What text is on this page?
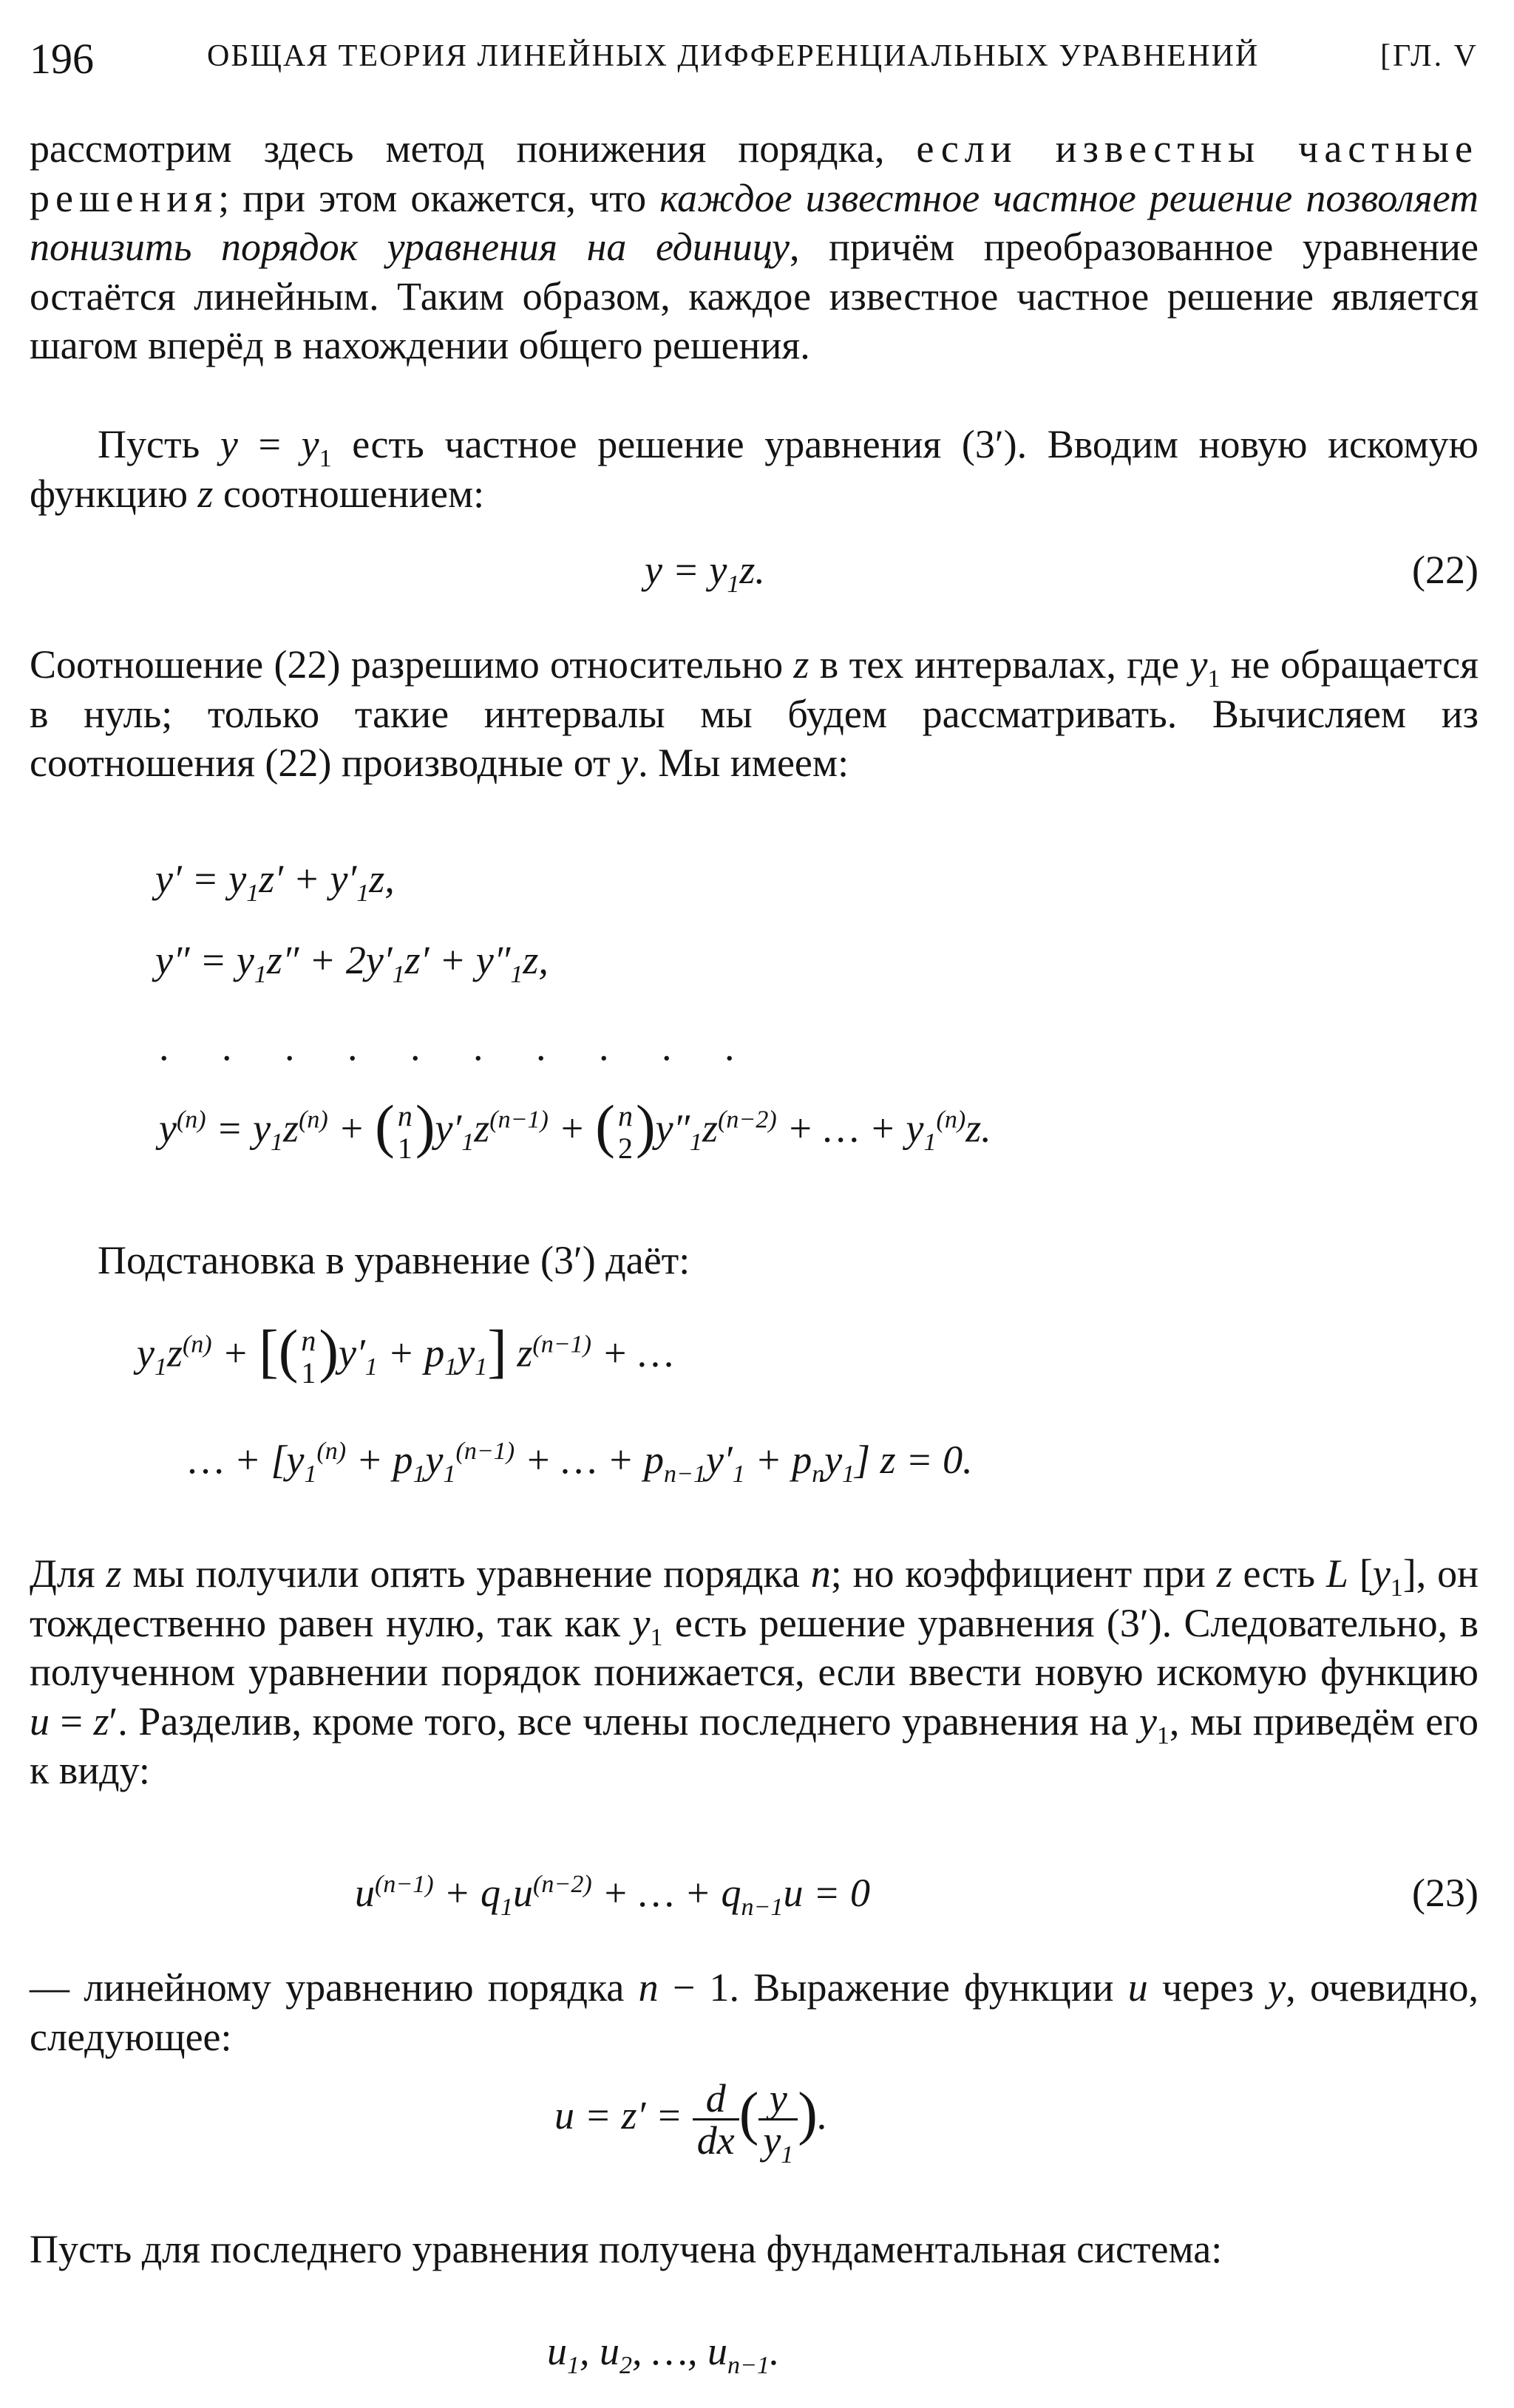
196	ОБЩАЯ ТЕОРИЯ ЛИНЕЙНЫХ ДИФФЕРЕНЦИАЛЬНЫХ УРАВНЕНИЙ	[ГЛ. V

рассмотрим здесь метод понижения порядка, если известны частные решения; при этом окажется, что каждое известное частное решение позволяет понизить порядок уравнения на единицу, причём преобразованное уравнение остаётся линейным. Таким образом, каждое известное частное решение является шагом вперёд в нахождении общего решения.

Пусть $y = y_1$ есть частное решение уравнения (3′). Вводим новую искомую функцию z соотношением:

$y = y_1z$.	(22)

Соотношение (22) разрешимо относительно z в тех интервалах, где $y_1$ не обращается в нуль; только такие интервалы мы будем рассматривать. Вычисляем из соотношения (22) производные от y. Мы имеем:

$y' = y_1z' + y'_1z$,
$y'' = y_1z'' + 2y'_1z' + y''_1z$,
. . . . . . . . . .
$y^{(n)} = y_1z^{(n)}$ + ( n
$1)y'_1z^{(n-1)}$ + ( n
$2)y''_1z^{(n-2)}$ + … + $y_1^{(n)}z$.

Подстановка в уравнение (3′) даёт:

$y_1z^{(n)}$ + [( n
$1)y'_1 + p_1y_1$] $z^{(n-1)}$ + …
… + [$y_1^{(n)} + p_1y_1^{(n-1)}$ + … + $p_{n-1}y'_1 + p_ny_1$] z = 0.

Для z мы получили опять уравнение порядка n; но коэффициент при z есть L $[y_1]$, он тождественно равен нулю, так как $y_1$ есть решение уравнения (3′). Следовательно, в полученном уравнении порядок понижается, если ввести новую искомую функцию u = z′. Разделив, кроме того, все члены последнего уравнения на $y_1$, мы приведём его к виду:

$u^{(n-1)} + q_1u^{(n-2)}$ + … + $q_{n-1}u = 0$	(23)

— линейному уравнению порядка n − 1. Выражение функции u через y, очевидно, следующее:

$u = z' = \frac{d}{dx}$ ( $\frac{y}{y_1}$ ).

Пусть для последнего уравнения получена фундаментальная система:

$u_1$, $u_2$, …, $u_{n-1}$.
